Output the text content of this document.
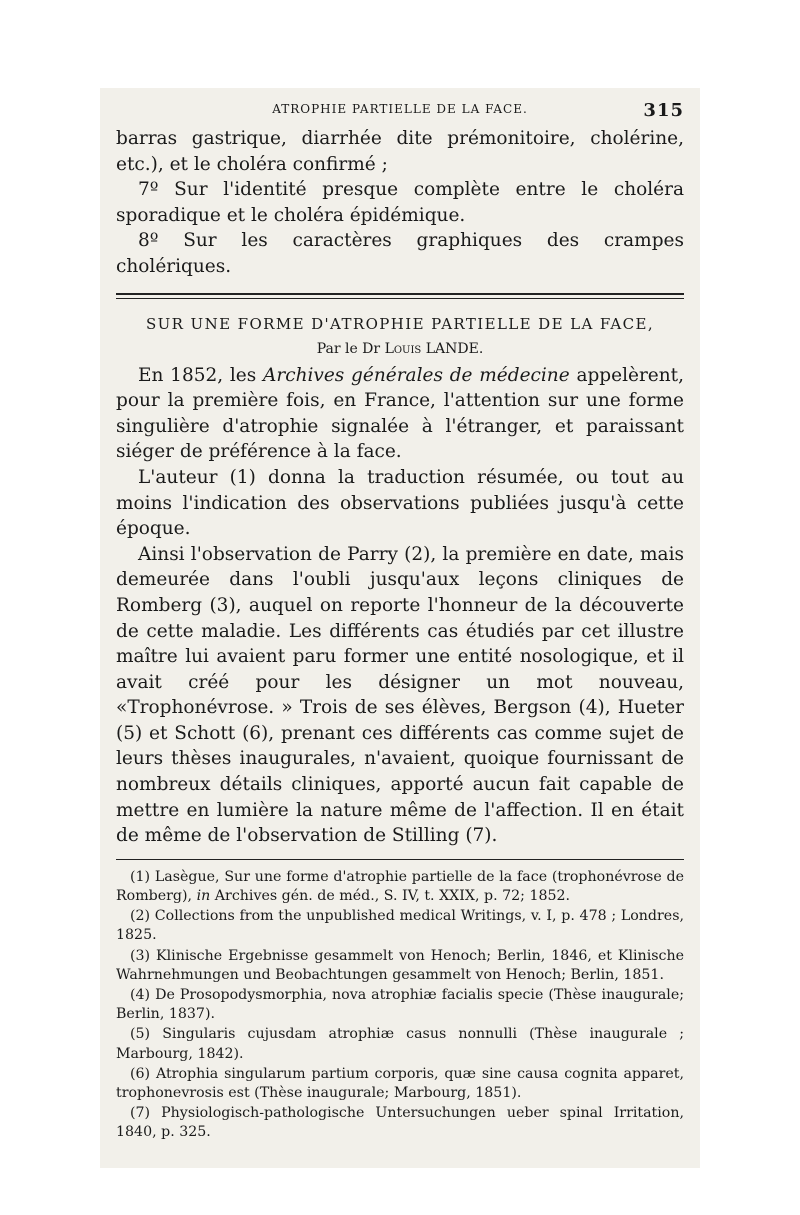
ATROPHIE PARTIELLE DE LA FACE.	315

barras gastrique, diarrhée dite prémonitoire, cholérine, etc.), et le choléra confirmé ;

7º Sur l'identité presque complète entre le choléra sporadique et le choléra épidémique.

8º Sur les caractères graphiques des crampes cholériques.

SUR UNE FORME D'ATROPHIE PARTIELLE DE LA FACE,

Par le Dr Louis LANDE.

En 1852, les Archives générales de médecine appelèrent, pour la première fois, en France, l'attention sur une forme singulière d'atrophie signalée à l'étranger, et paraissant siéger de préférence à la face.

L'auteur (1) donna la traduction résumée, ou tout au moins l'indication des observations publiées jusqu'à cette époque.

Ainsi l'observation de Parry (2), la première en date, mais demeurée dans l'oubli jusqu'aux leçons cliniques de Romberg (3), auquel on reporte l'honneur de la découverte de cette maladie. Les différents cas étudiés par cet illustre maître lui avaient paru former une entité nosologique, et il avait créé pour les désigner un mot nouveau, «Trophonévrose. » Trois de ses élèves, Bergson (4), Hueter (5) et Schott (6), prenant ces différents cas comme sujet de leurs thèses inaugurales, n'avaient, quoique fournissant de nombreux détails cliniques, apporté aucun fait capable de mettre en lumière la nature même de l'affection. Il en était de même de l'observation de Stilling (7).

(1) Lasègue, Sur une forme d'atrophie partielle de la face (trophonévrose de Romberg), in Archives gén. de méd., S. IV, t. XXIX, p. 72; 1852.

(2) Collections from the unpublished medical Writings, v. I, p. 478 ; Londres, 1825.

(3) Klinische Ergebnisse gesammelt von Henoch; Berlin, 1846, et Klinische Wahrnehmungen und Beobachtungen gesammelt von Henoch; Berlin, 1851.

(4) De Prosopodysmorphia, nova atrophiæ facialis specie (Thèse inaugurale; Berlin, 1837).

(5) Singularis cujusdam atrophiæ casus nonnulli (Thèse inaugurale ; Marbourg, 1842).

(6) Atrophia singularum partium corporis, quæ sine causa cognita apparet, trophonevrosis est (Thèse inaugurale; Marbourg, 1851).

(7) Physiologisch-pathologische Untersuchungen ueber spinal Irritation, 1840, p. 325.
